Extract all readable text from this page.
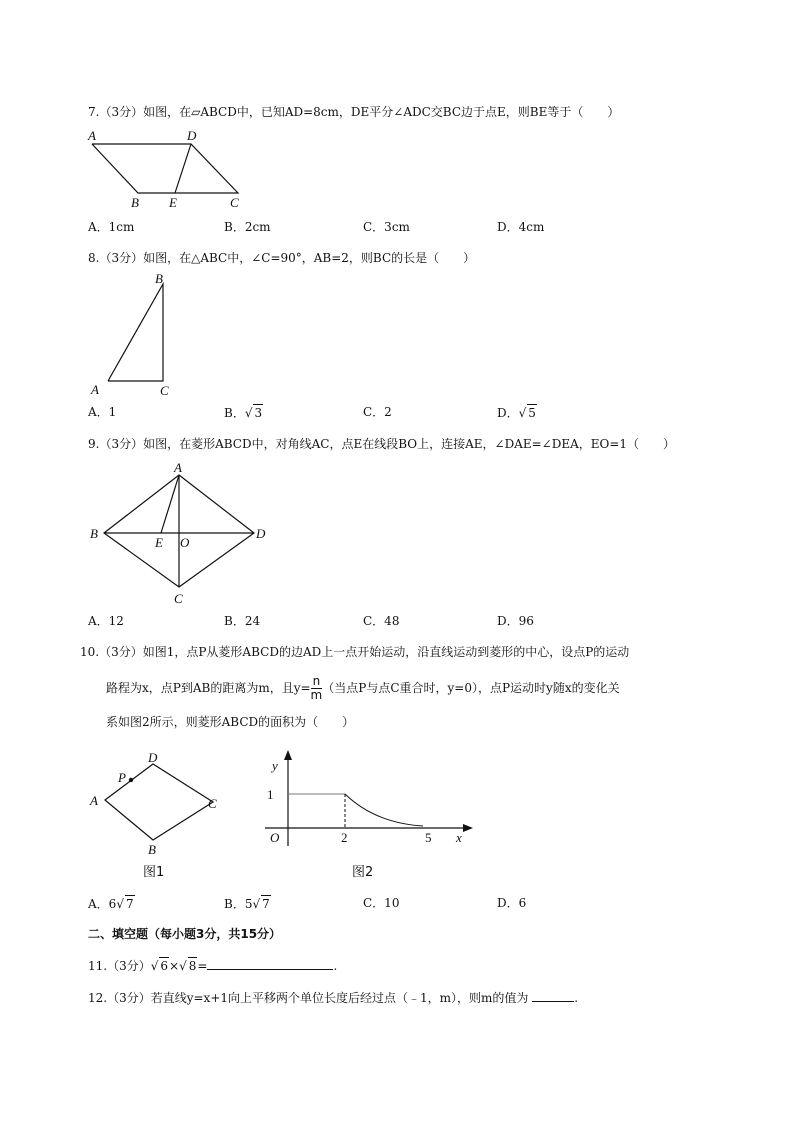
7.（3分）如图，在▱ABCD中，已知AD=8cm，DE平分∠ADC交BC边于点E，则BE等于（　　）
A	D
B E	C
A．1cm	B．2cm	C．3cm	D．4cm
8.（3分）如图，在△ABC中，∠C=90°，AB=2，则BC的长是（　　）
B
A	C
A．1	B．√ 3	C．2	D．√ 5
9.（3分）如图，在菱形ABCD中，对角线AC，点E在线段BO上，连接AE，∠DAE=∠DEA，EO=1（　　）
A
B	D
C
E O
A．12	B．24	C．48	D．96
10.（3分）如图1，点P从菱形ABCD的边AD上一点开始运动，沿直线运动到菱形的中心，设点P的运动
路程为x，点P到AB的距离为m，且$y= \frac{n}{m}$ （当点P与点C重合时，y=0），点P运动时y随x的变化关
系如图2所示，则菱形ABCD的面积为（　　）
D
P
A	C
B
图1
y
1
O	2	5 x
图2
A．6√ 7	B．5√ 7	C．10	D．6
二、填空题（每小题3分，共15分）
11.（3分）√ 6×√ 8=	.
12.（3分）若直线y=x+1向上平移两个单位长度后经过点（﹣1，m），则m的值为	.
